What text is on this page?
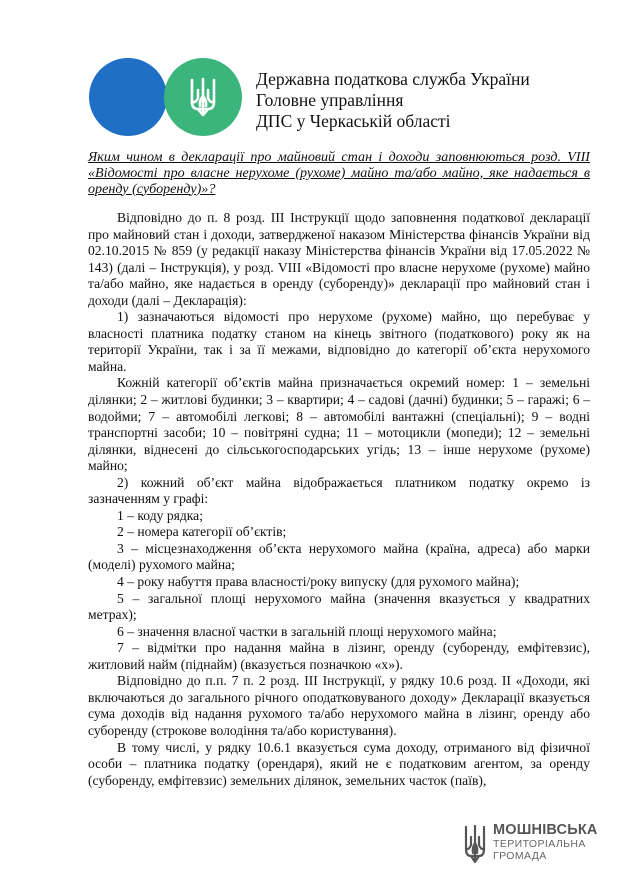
Державна податкова служба України
Головне управління
ДПС у Черкаській області
Яким чином в декларації про майновий стан і доходи заповнюються розд. VIII «Відомості про власне нерухоме (рухоме) майно та/або майно, яке надається в оренду (суборенду)»?

Відповідно до п. 8 розд. ІІІ Інструкції щодо заповнення податкової декларації про майновий стан і доходи, затвердженої наказом Міністерства фінансів України від 02.10.2015 № 859 (у редакції наказу Міністерства фінансів України від 17.05.2022 № 143) (далі – Інструкція), у розд. VIII «Відомості про власне нерухоме (рухоме) майно та/або майно, яке надається в оренду (суборенду)» декларації про майновий стан і доходи (далі – Декларація):

1) зазначаються відомості про нерухоме (рухоме) майно, що перебуває у власності платника податку станом на кінець звітного (податкового) року як на території України, так і за її межами, відповідно до категорії об’єкта нерухомого майна.

Кожній категорії об’єктів майна призначається окремий номер: 1 – земельні ділянки; 2 – житлові будинки; 3 – квартири; 4 – садові (дачні) будинки; 5 – гаражі; 6 – водойми; 7 – автомобілі легкові; 8 – автомобілі вантажні (спеціальні); 9 – водні транспортні засоби; 10 – повітряні судна; 11 – мотоцикли (мопеди); 12 – земельні ділянки, віднесені до сільськогосподарських угідь; 13 – інше нерухоме (рухоме) майно;

2) кожний об’єкт майна відображається платником податку окремо із зазначенням у графі:

1 – коду рядка;

2 – номера категорії об’єктів;

3 – місцезнаходження об’єкта нерухомого майна (країна, адреса) або марки (моделі) рухомого майна;

4 – року набуття права власності/року випуску (для рухомого майна);

5 – загальної площі нерухомого майна (значення вказується у квадратних метрах);

6 – значення власної частки в загальній площі нерухомого майна;

7 – відмітки про надання майна в лізинг, оренду (суборенду, емфітевзис), житловий найм (піднайм) (вказується позначкою «х»).

Відповідно до п.п. 7 п. 2 розд. ІІІ Інструкції, у рядку 10.6 розд. ІІ «Доходи, які включаються до загального річного оподатковуваного доходу» Декларації вказується сума доходів від надання рухомого та/або нерухомого майна в лізинг, оренду або суборенду (строкове володіння та/або користування).

В тому числі, у рядку 10.6.1 вказується сума доходу, отриманого від фізичної особи – платника податку (орендаря), який не є податковим агентом, за оренду (суборенду, емфітевзис) земельних ділянок, земельних часток (паїв),

МОШНІВСЬКА
ТЕРИТОРІАЛЬНА
ГРОМАДА
